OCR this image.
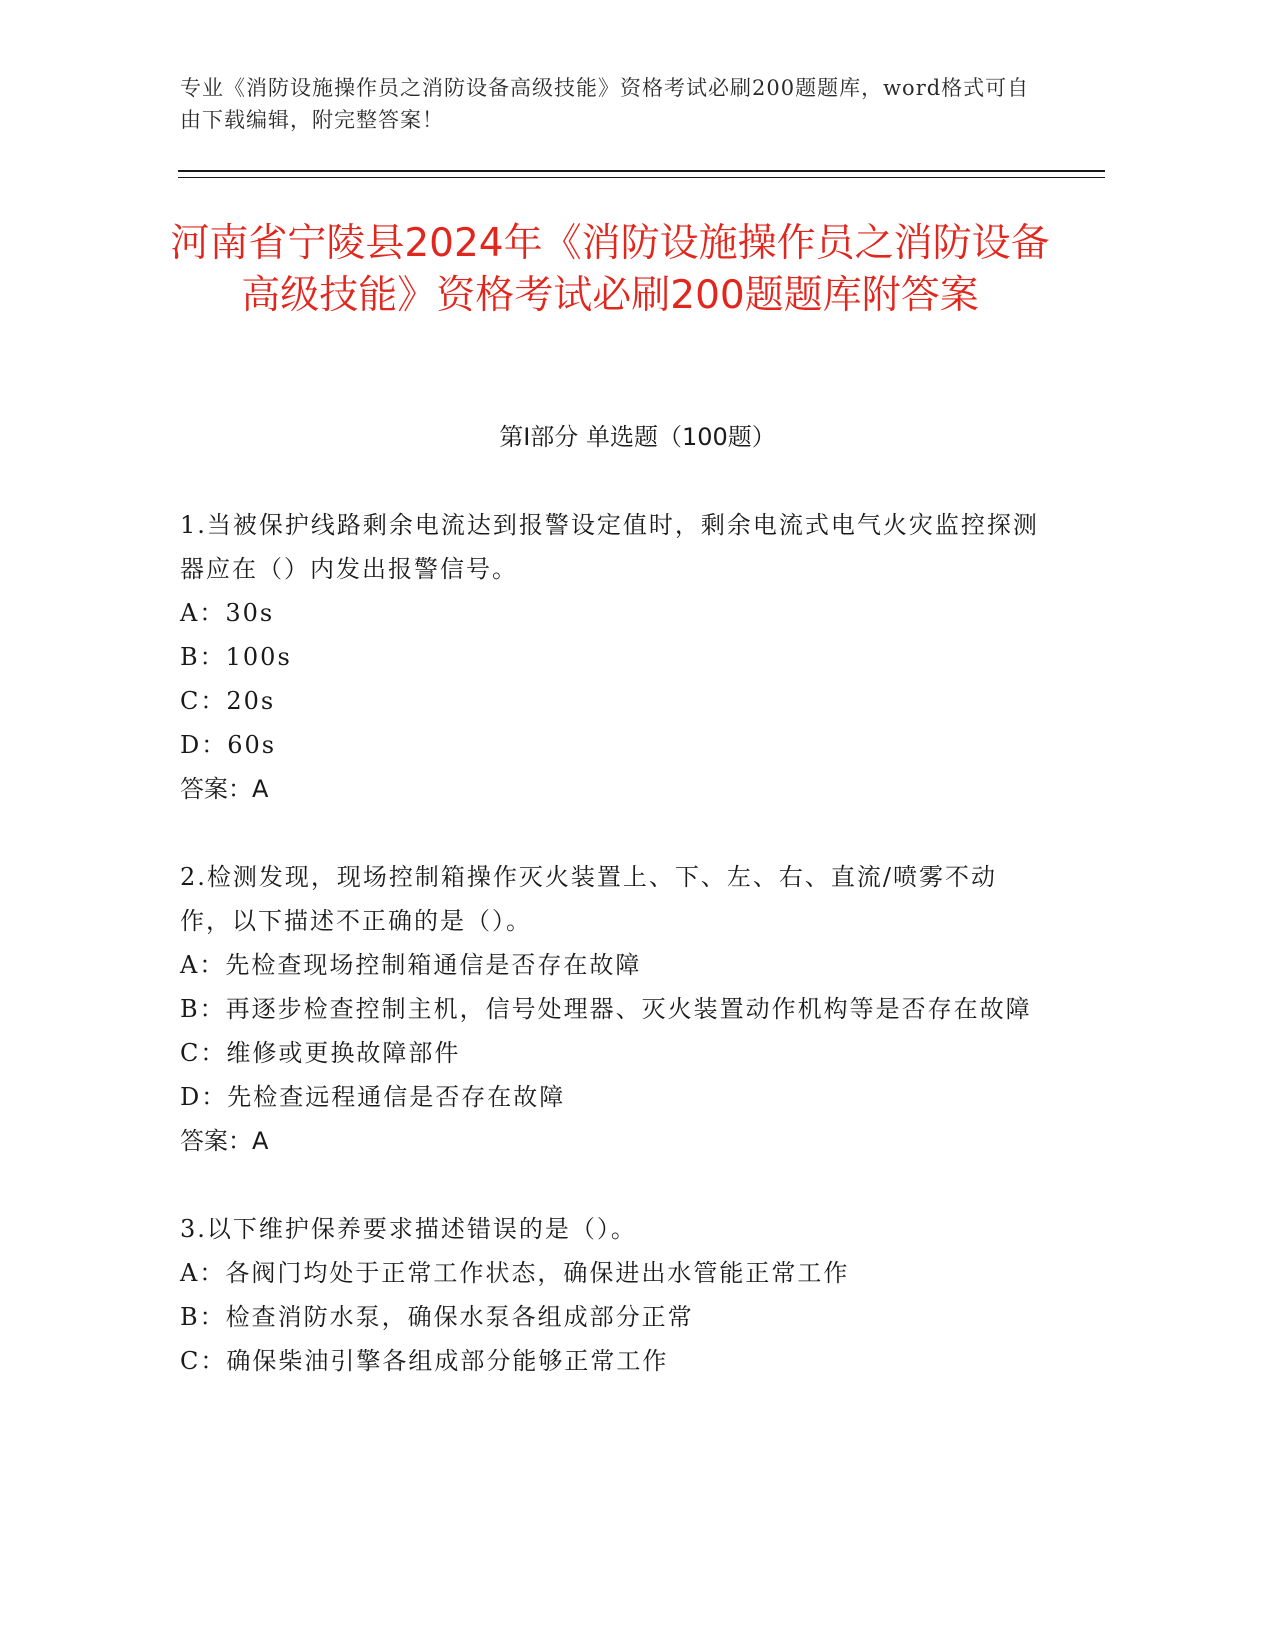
专业《消防设施操作员之消防设备高级技能》资格考试必刷200题题库，word格式可自由下载编辑，附完整答案！
河南省宁陵县2024年《消防设施操作员之消防设备高级技能》资格考试必刷200题题库附答案
第I部分 单选题（100题）

1.当被保护线路剩余电流达到报警设定值时，剩余电流式电气火灾监控探测器应在（）内发出报警信号。

A：30s

B：100s

C：20s

D：60s

答案：A

2.检测发现，现场控制箱操作灭火装置上、下、左、右、直流/喷雾不动作，以下描述不正确的是（）。

A：先检查现场控制箱通信是否存在故障

B：再逐步检查控制主机，信号处理器、灭火装置动作机构等是否存在故障

C：维修或更换故障部件

D：先检查远程通信是否存在故障

答案：A

3.以下维护保养要求描述错误的是（）。

A：各阀门均处于正常工作状态，确保进出水管能正常工作

B：检查消防水泵，确保水泵各组成部分正常

C：确保柴油引擎各组成部分能够正常工作
